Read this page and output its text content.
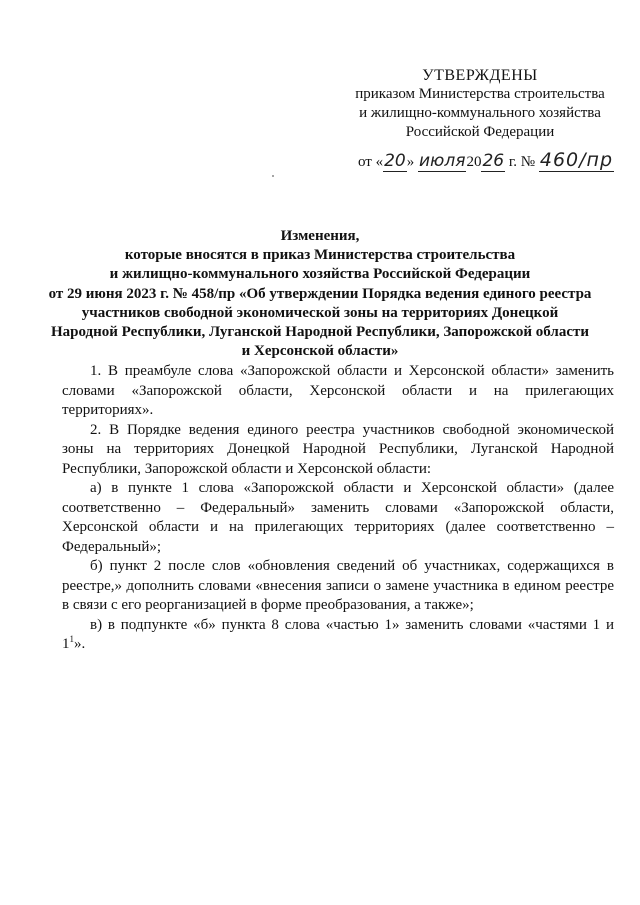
УТВЕРЖДЕНЫ
приказом Министерства строительства
и жилищно-коммунального хозяйства
Российской Федерации
от «20» июля2026 г. № 460/пр
Изменения,
которые вносятся в приказ Министерства строительства
и жилищно-коммунального хозяйства Российской Федерации
от 29 июня 2023 г. № 458/пр «Об утверждении Порядка ведения единого реестра
участников свободной экономической зоны на территориях Донецкой
Народной Республики, Луганской Народной Республики, Запорожской области
и Херсонской области»

1. В преамбуле слова «Запорожской области и Херсонской области» заменить словами «Запорожской области, Херсонской области и на прилегающих территориях».

2. В Порядке ведения единого реестра участников свободной экономической зоны на территориях Донецкой Народной Республики, Луганской Народной Республики, Запорожской области и Херсонской области:

а) в пункте 1 слова «Запорожской области и Херсонской области» (далее соответственно – Федеральный» заменить словами «Запорожской области, Херсонской области и на прилегающих территориях (далее соответственно – Федеральный»;

б) пункт 2 после слов «обновления сведений об участниках, содержащихся в реестре,» дополнить словами «внесения записи о замене участника в едином реестре в связи с его реорганизацией в форме преобразования, а также»;

в) в подпункте «б» пункта 8 слова «частью 1» заменить словами «частями 1 и $1^1$».
